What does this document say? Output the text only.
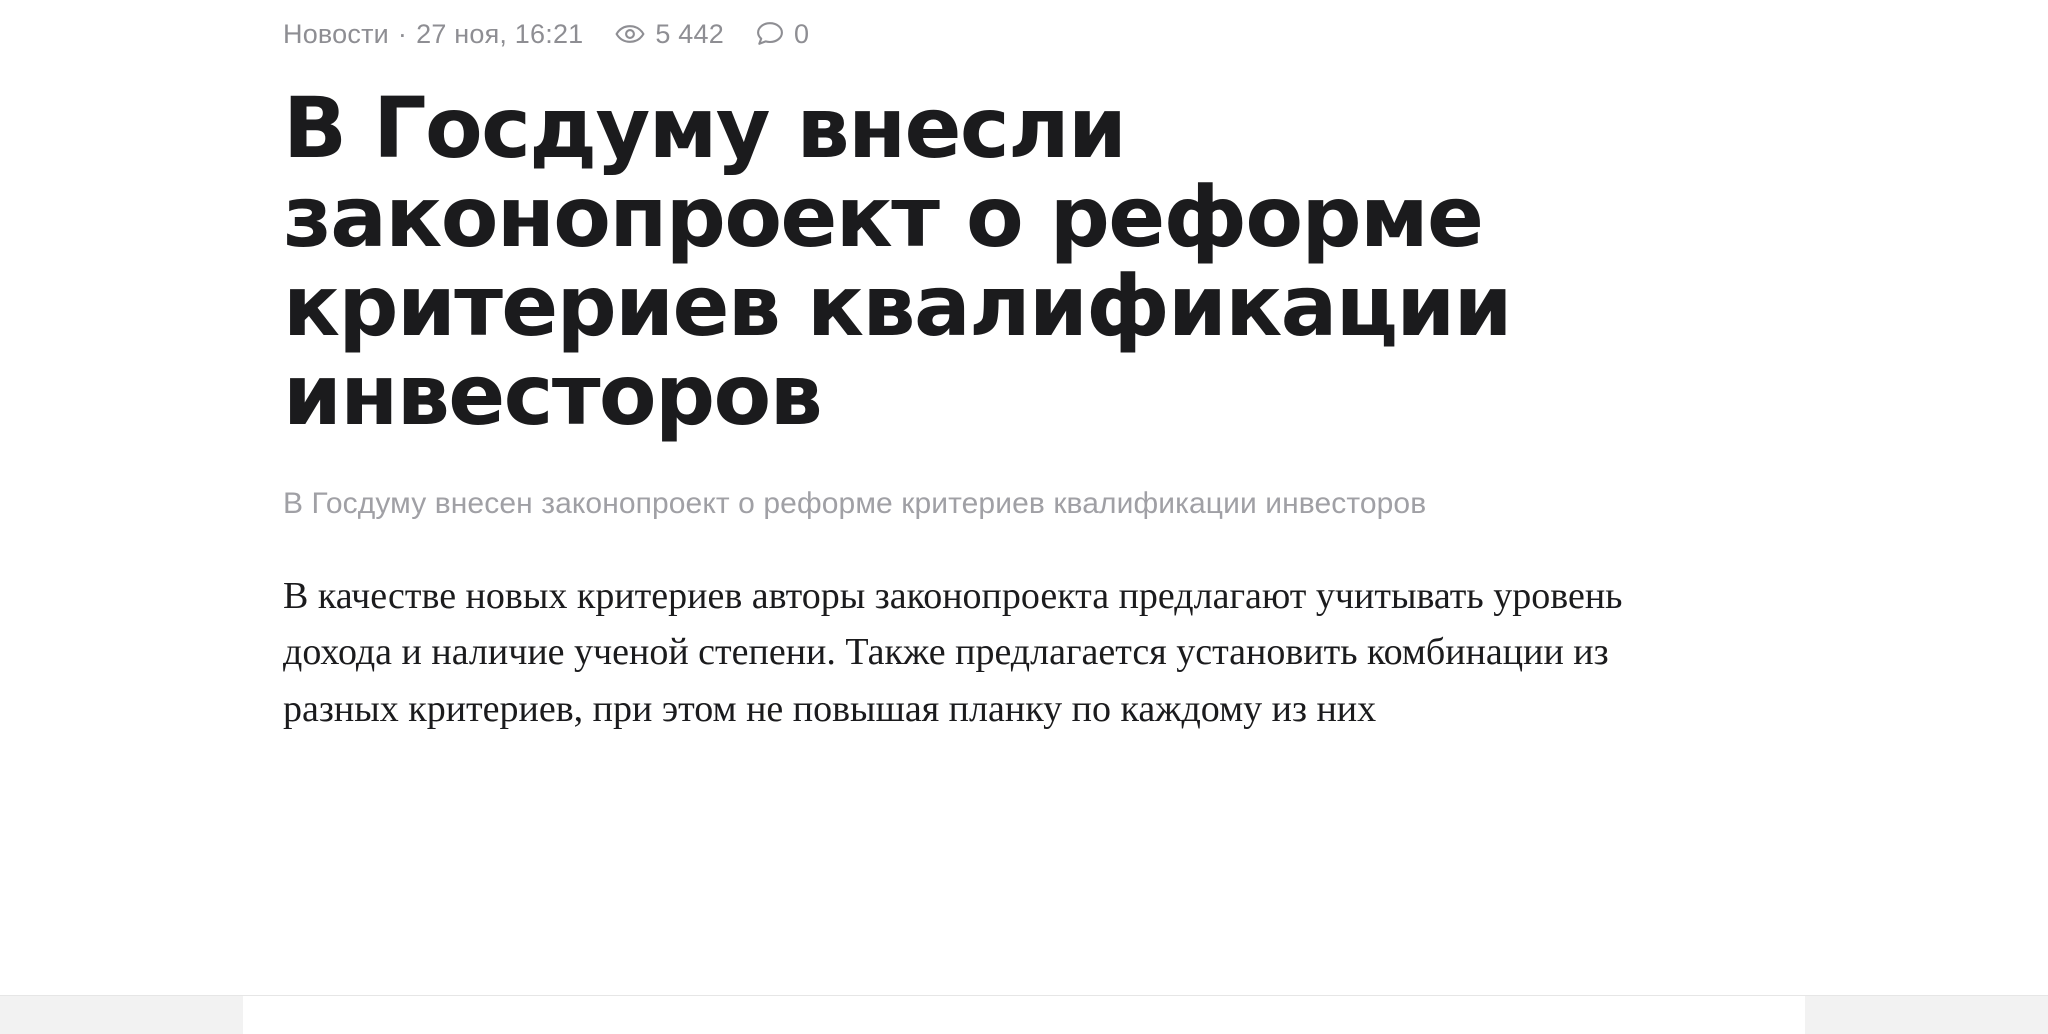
Новости · 27 ноя, 16:21	5 442	0
В Госдуму внесли законопроект о реформе критериев квалификации инвесторов

В Госдуму внесен законопроект о реформе критериев квалификации инвесторов

В качестве новых критериев авторы законопроекта предлагают учитывать уровень дохода и наличие ученой степени. Также предлагается установить комбинации из разных критериев, при этом не повышая планку по каждому из них
